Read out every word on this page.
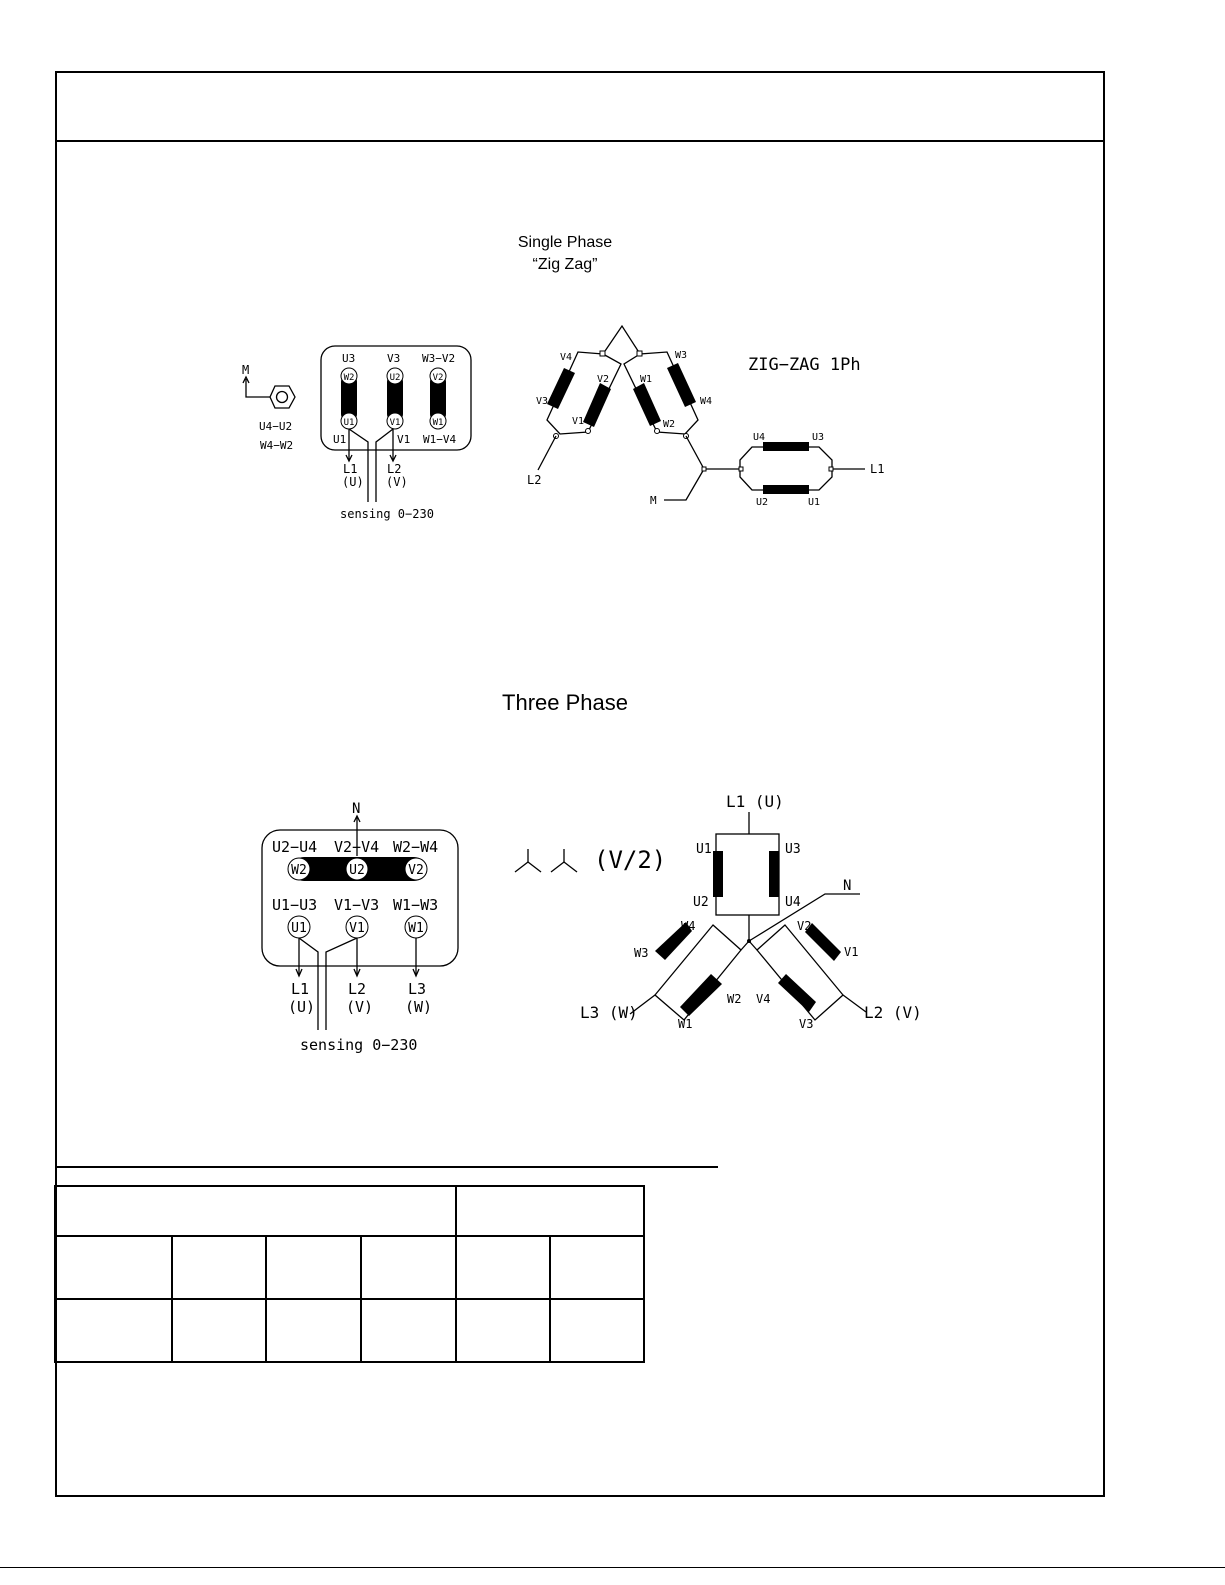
Single Phase
“Zig Zag”
Three Phase
M
U4−U2
W4−W2
U3	V3 W3−V2
W2	U2	V2
U1	V1	W1
U1	V1 W1−V4
L1
(U)
L2
(V)
sensing 0−230
ZIG−ZAG 1Ph
V4
V2
V3
V1
W3
W1
W4
W2
U4	U3
U2	U1
L2
M
L1
N
U2−U4 V2−V4 W2−W4
W2	U2	V2
U1−U3 V1−V3 W1−W3
U1	V1	W1
L1
(U)
L2
(V)
L3
(W)
sensing 0−230
(V/2)
L1 (U)
U1	U3
U2	U4
N
W4
W3
W2
W1
L3 (W)
V2
V1
V4
V3
L2 (V)
